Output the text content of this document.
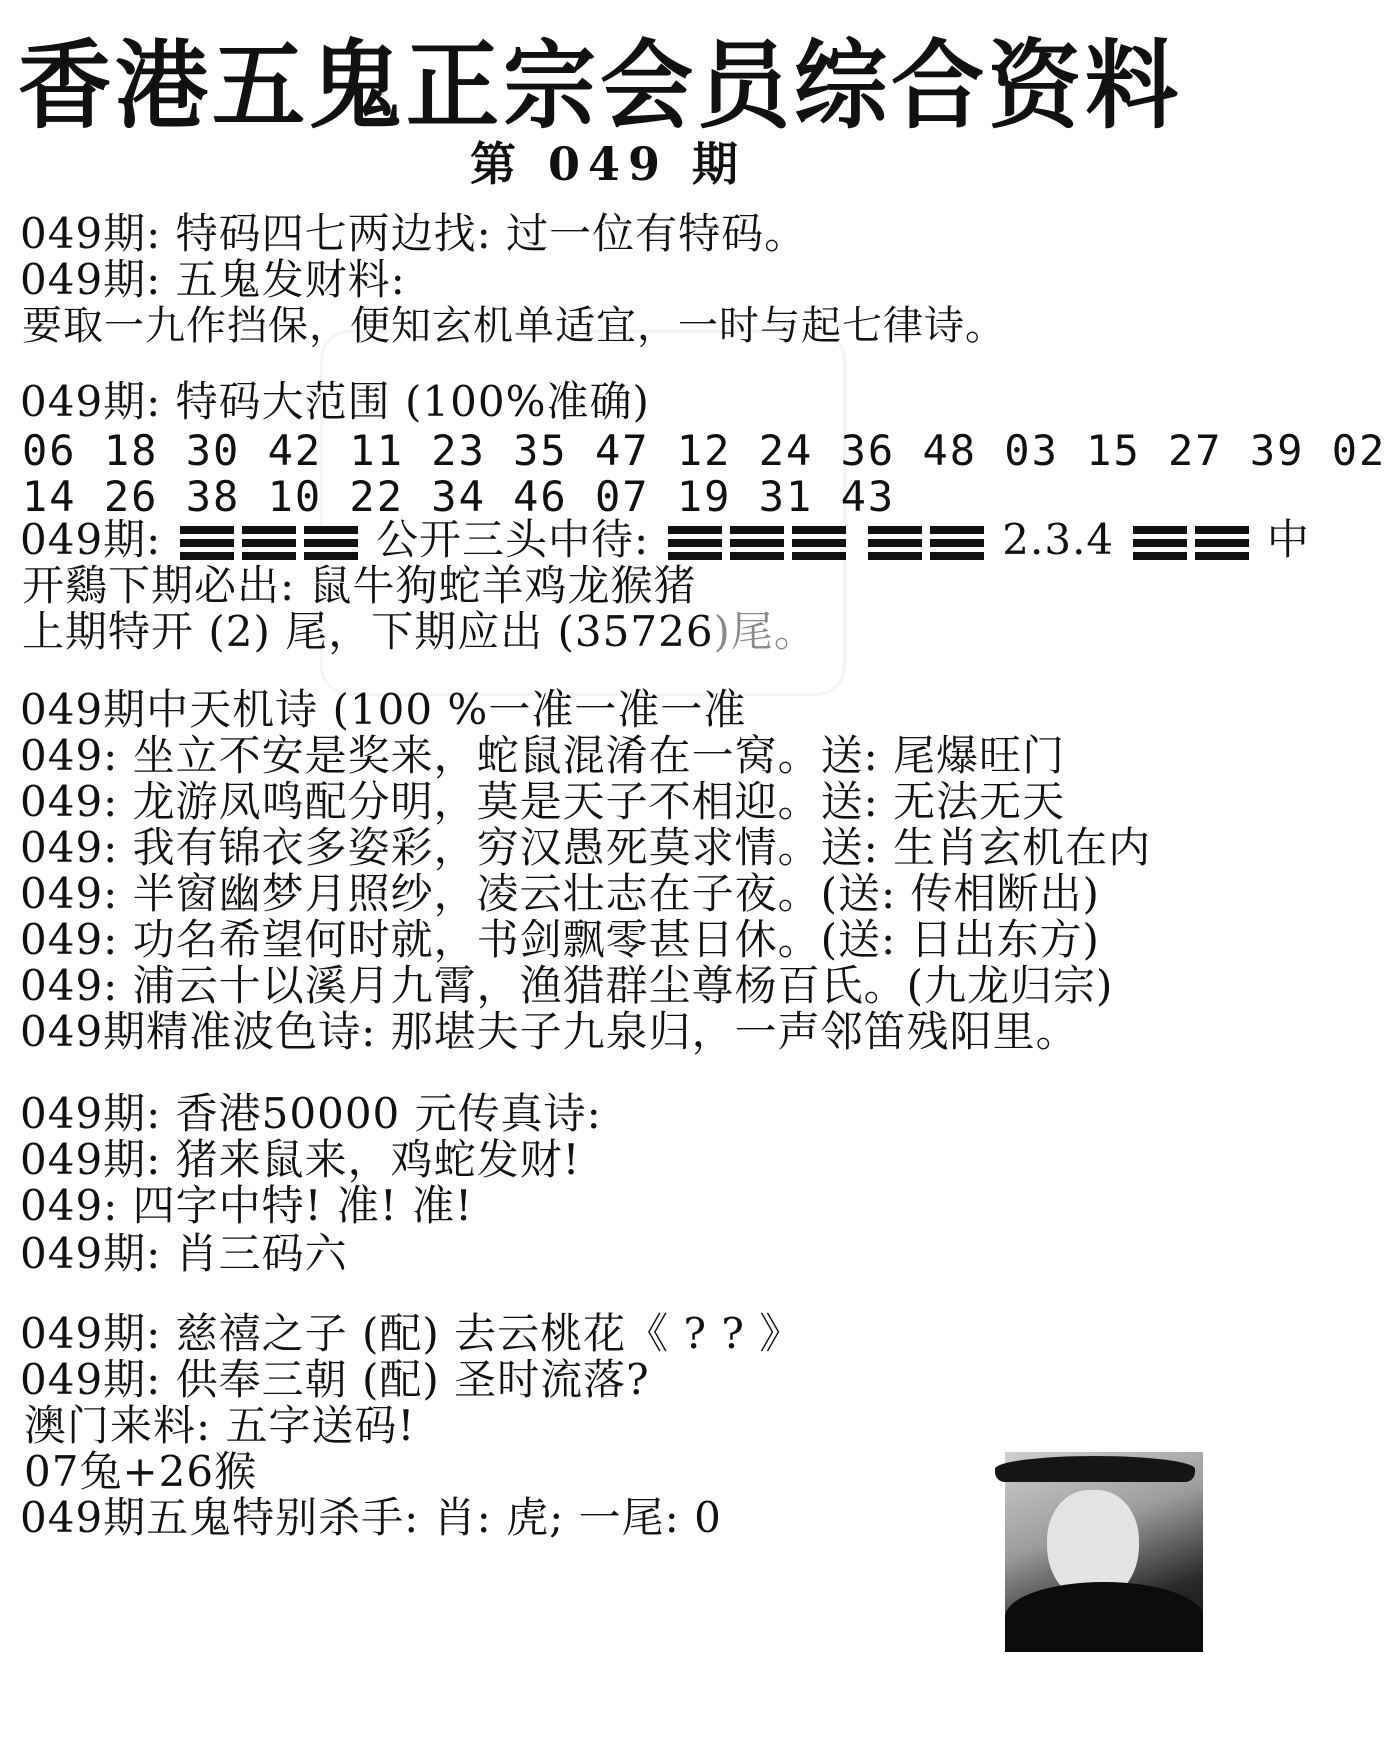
香港五鬼正宗会员综合资料
第 049 期
049期: 特码四七两边找: 过一位有特码。
049期: 五鬼发财料:
要取一九作挡保，便知玄机单适宜，一时与起七律诗。
049期: 特码大范围 (100%准确)
06 18 30 42 11 23 35 47 12 24 36 48 03 15 27 39 02
14 26 38 10 22 34 46 07 19 31 43
049期:	公开三头中待:	2.3.4	中
开鷄下期必出: 鼠牛狗蛇羊鸡龙猴猪
上期特开 (2) 尾，下期应出 (35726)尾。
049期中天机诗 (100 %一准一准一准
049: 坐立不安是奖来，蛇鼠混淆在一窝。送: 尾爆旺门
049: 龙游凤鸣配分明，莫是天子不相迎。送: 无法无天
049: 我有锦衣多姿彩，穷汉愚死莫求情。送: 生肖玄机在内
049: 半窗幽梦月照纱，凌云壮志在子夜。(送: 传相断出)
049: 功名希望何时就，书剑飘零甚日休。(送: 日出东方)
049: 浦云十以溪月九霄，渔猎群尘尊杨百氏。(九龙归宗)
049期精准波色诗: 那堪夫子九泉归，一声邻笛残阳里。
049期: 香港50000 元传真诗:
049期: 猪来鼠来，鸡蛇发财!
049: 四字中特! 准! 准!
049期: 肖三码六
049期: 慈禧之子 (配) 去云桃花《 ? ? 》
049期: 供奉三朝 (配) 圣时流落?
澳门来料: 五字送码!
07兔+26猴
049期五鬼特别杀手: 肖: 虎; 一尾: 0
